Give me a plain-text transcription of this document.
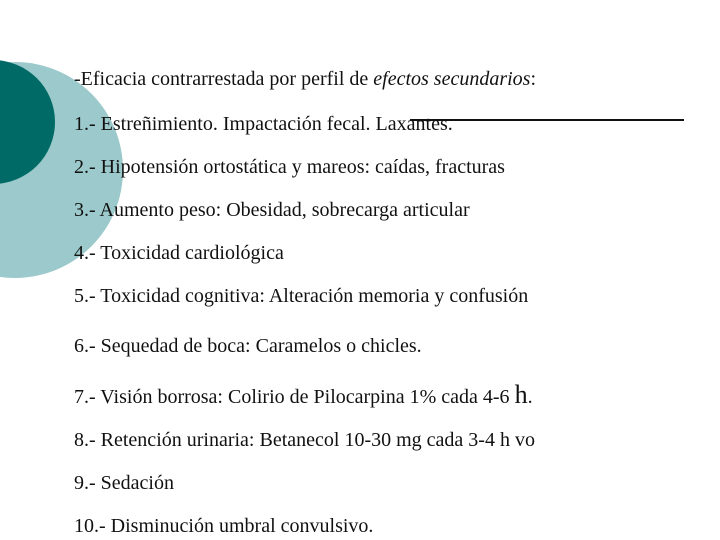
-Eficacia contrarrestada por perfil de efectos secundarios:
1.- Estreñimiento. Impactación fecal. Laxantes.
2.- Hipotensión ortostática y mareos: caídas, fracturas
3.- Aumento peso: Obesidad, sobrecarga articular
4.- Toxicidad cardiológica
5.- Toxicidad cognitiva: Alteración memoria y confusión
6.- Sequedad de boca: Caramelos o chicles.
7.- Visión borrosa: Colirio de Pilocarpina 1% cada 4-6 h.
8.- Retención urinaria: Betanecol 10-30 mg cada 3-4 h vo
9.- Sedación
10.- Disminución umbral convulsivo.
